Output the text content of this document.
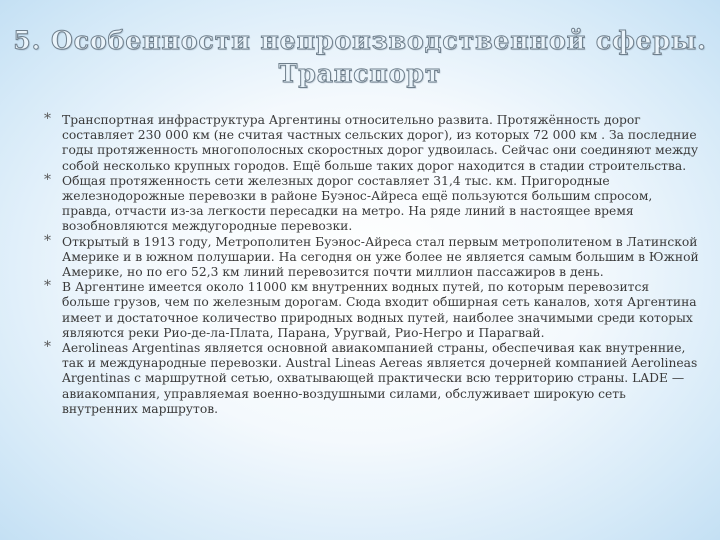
5. Особенности непроизводственной сферы.
Транспорт

* Транспортная инфраструктура Аргентины относительно развита. Протяжённость дорог составляет 230 000 км (не считая частных сельских дорог), из которых 72 000 км . За последние годы протяженность многополосных скоростных дорог удвоилась. Сейчас они соединяют между собой несколько крупных городов. Ещё больше таких дорог находится в стадии строительства.

* Общая протяженность сети железных дорог составляет 31,4 тыс. км. Пригородные железнодорожные перевозки в районе Буэнос-Айреса ещё пользуются большим спросом, правда, отчасти из-за легкости пересадки на метро. На ряде линий в настоящее время возобновляются междугородные перевозки.

* Открытый в 1913 году, Метрополитен Буэнос-Айреса стал первым метрополитеном в Латинской Америке и в южном полушарии. На сегодня он уже более не является самым большим в Южной Америке, но по его 52,3 км линий перевозится почти миллион пассажиров в день.

* В Аргентине имеется около 11000 км внутренних водных путей, по которым перевозится больше грузов, чем по железным дорогам. Сюда входит обширная сеть каналов, хотя Аргентина имеет и достаточное количество природных водных путей, наиболее значимыми среди которых являются реки Рио-де-ла-Плата, Парана, Уругвай, Рио-Негро и Парагвай.

* Aerolineas Argentinas является основной авиакомпанией страны, обеспечивая как внутренние, так и международные перевозки. Austral Lineas Aereas является дочерней компанией Aerolineas Argentinas с маршрутной сетью, охватывающей практически всю территорию страны. LADE — авиакомпания, управляемая военно-воздушными силами, обслуживает широкую сеть внутренних маршрутов.
